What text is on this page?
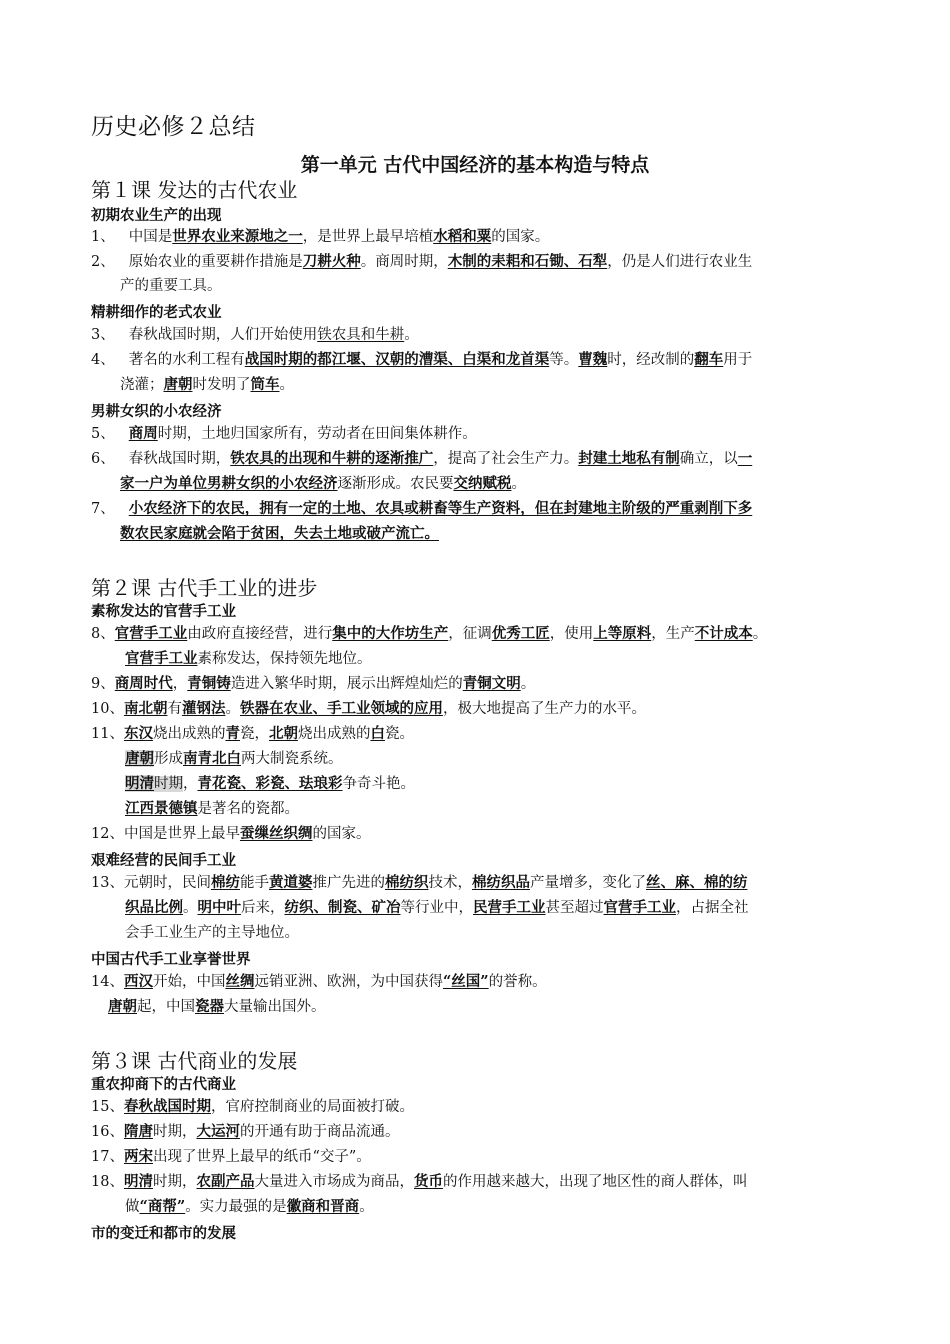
历史必修２总结
第一单元 古代中国经济的基本构造与特点
第１课 发达的古代农业
初期农业生产的出现
1、 中国是世界农业来源地之一，是世界上最早培植水稻和粟的国家。
2、 原始农业的重要耕作措施是刀耕火种。商周时期，木制的耒耜和石锄、石犁，仍是人们进行农业生
产的重要工具。
精耕细作的老式农业
3、 春秋战国时期，人们开始使用铁农具和牛耕。
4、 著名的水利工程有战国时期的都江堰、汉朝的漕渠、白渠和龙首渠等。曹魏时，经改制的翻车用于
浇灌；唐朝时发明了筒车。
男耕女织的小农经济
5、 商周时期，土地归国家所有，劳动者在田间集体耕作。
6、 春秋战国时期，铁农具的出现和牛耕的逐渐推广，提高了社会生产力。封建土地私有制确立，以一
家一户为单位男耕女织的小农经济逐渐形成。农民要交纳赋税。
7、 小农经济下的农民，拥有一定的土地、农具或耕畜等生产资料，但在封建地主阶级的严重剥削下多
数农民家庭就会陷于贫困，失去土地或破产流亡。
第２课 古代手工业的进步
素称发达的官营手工业
8、官营手工业由政府直接经营，进行集中的大作坊生产，征调优秀工匠，使用上等原料，生产不计成本。
官营手工业素称发达，保持领先地位。
9、商周时代，青铜铸造进入繁华时期，展示出辉煌灿烂的青铜文明。
10、南北朝有灌钢法。铁器在农业、手工业领域的应用，极大地提高了生产力的水平。
11、东汉烧出成熟的青瓷，北朝烧出成熟的白瓷。
唐朝形成南青北白两大制瓷系统。
明清时期，青花瓷、彩瓷、珐琅彩争奇斗艳。
江西景德镇是著名的瓷都。
12、中国是世界上最早蚕缫丝织绸的国家。
艰难经营的民间手工业
13、元朝时，民间棉纺能手黄道婆推广先进的棉纺织技术，棉纺织品产量增多，变化了丝、麻、棉的纺
织品比例。明中叶后来，纺织、制瓷、矿冶等行业中，民营手工业甚至超过官营手工业，占据全社
会手工业生产的主导地位。
中国古代手工业享誉世界
14、西汉开始，中国丝绸远销亚洲、欧洲，为中国获得“丝国”的誉称。
唐朝起，中国瓷器大量输出国外。
第３课 古代商业的发展
重农抑商下的古代商业
15、春秋战国时期，官府控制商业的局面被打破。
16、隋唐时期，大运河的开通有助于商品流通。
17、两宋出现了世界上最早的纸币“交子”。
18、明清时期，农副产品大量进入市场成为商品，货币的作用越来越大，出现了地区性的商人群体，叫
做“商帮”。实力最强的是徽商和晋商。
市的变迁和都市的发展
